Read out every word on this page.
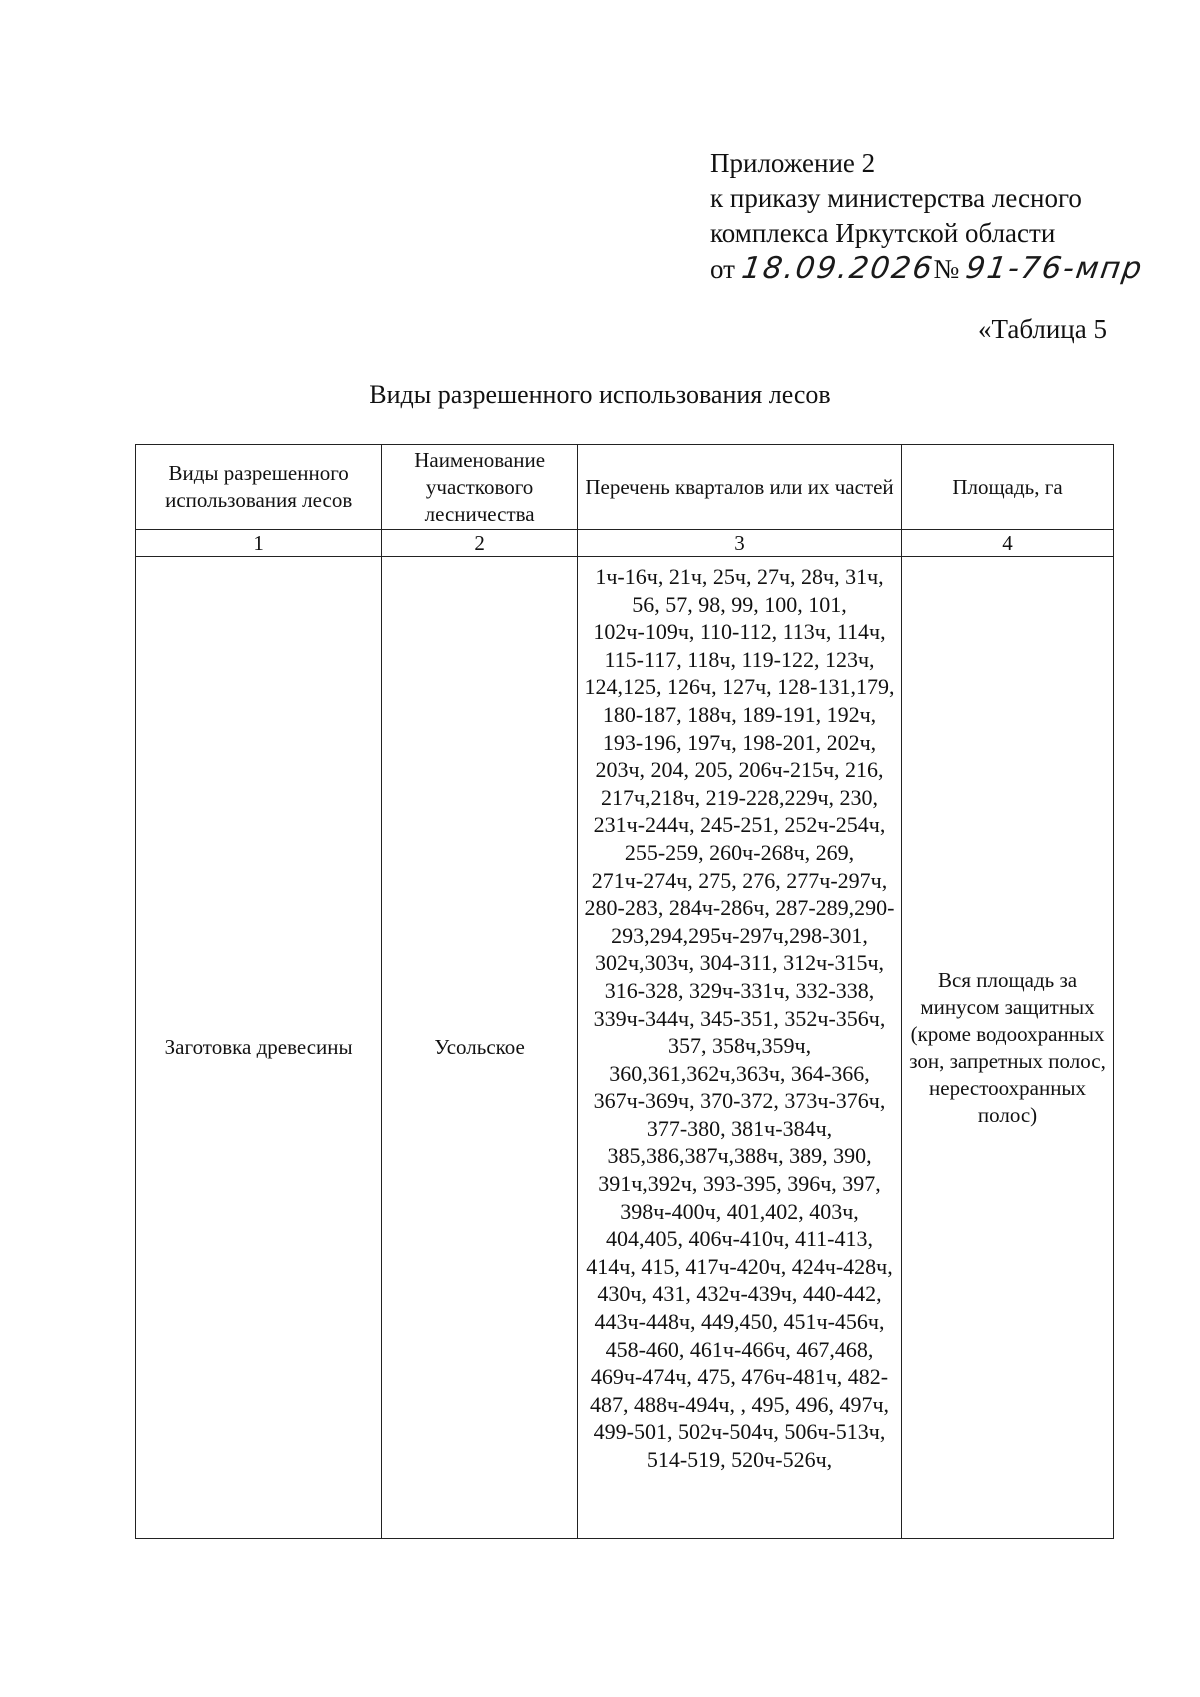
Приложение 2
к приказу министерства лесного
комплекса Иркутской области
от 18.09.2026№ 91-76-мпр
«Таблица 5
Виды разрешенного использования лесов
Виды разрешенного использования лесов	Наименование участкового лесничества	Перечень кварталов или их частей	Площадь, га
1	2	3	4
Заготовка древесины	Усольское	1ч-16ч, 21ч, 25ч, 27ч, 28ч, 31ч, 56, 57, 98, 99, 100, 101, 102ч-109ч, 110-112, 113ч, 114ч, 115-117, 118ч, 119-122, 123ч, 124,125, 126ч, 127ч, 128-131,179, 180-187, 188ч, 189-191, 192ч, 193-196, 197ч, 198-201, 202ч, 203ч, 204, 205, 206ч-215ч, 216, 217ч,218ч, 219-228,229ч, 230, 231ч-244ч, 245-251, 252ч-254ч, 255-259, 260ч-268ч, 269, 271ч-274ч, 275, 276, 277ч-297ч, 280-283, 284ч-286ч, 287-289,290-293,294,295ч-297ч,298-301, 302ч,303ч, 304-311, 312ч-315ч, 316-328, 329ч-331ч, 332-338, 339ч-344ч, 345-351, 352ч-356ч, 357, 358ч,359ч, 360,361,362ч,363ч, 364-366, 367ч-369ч, 370-372, 373ч-376ч, 377-380, 381ч-384ч, 385,386,387ч,388ч, 389, 390, 391ч,392ч, 393-395, 396ч, 397, 398ч-400ч, 401,402, 403ч, 404,405, 406ч-410ч, 411-413, 414ч, 415, 417ч-420ч, 424ч-428ч, 430ч, 431, 432ч-439ч, 440-442, 443ч-448ч, 449,450, 451ч-456ч, 458-460, 461ч-466ч, 467,468, 469ч-474ч, 475, 476ч-481ч, 482-487, 488ч-494ч, , 495, 496, 497ч, 499-501, 502ч-504ч, 506ч-513ч, 514-519, 520ч-526ч,	Вся площадь за минусом защитных (кроме водоохранных зон, запретных полос, нерестоохранных полос)
